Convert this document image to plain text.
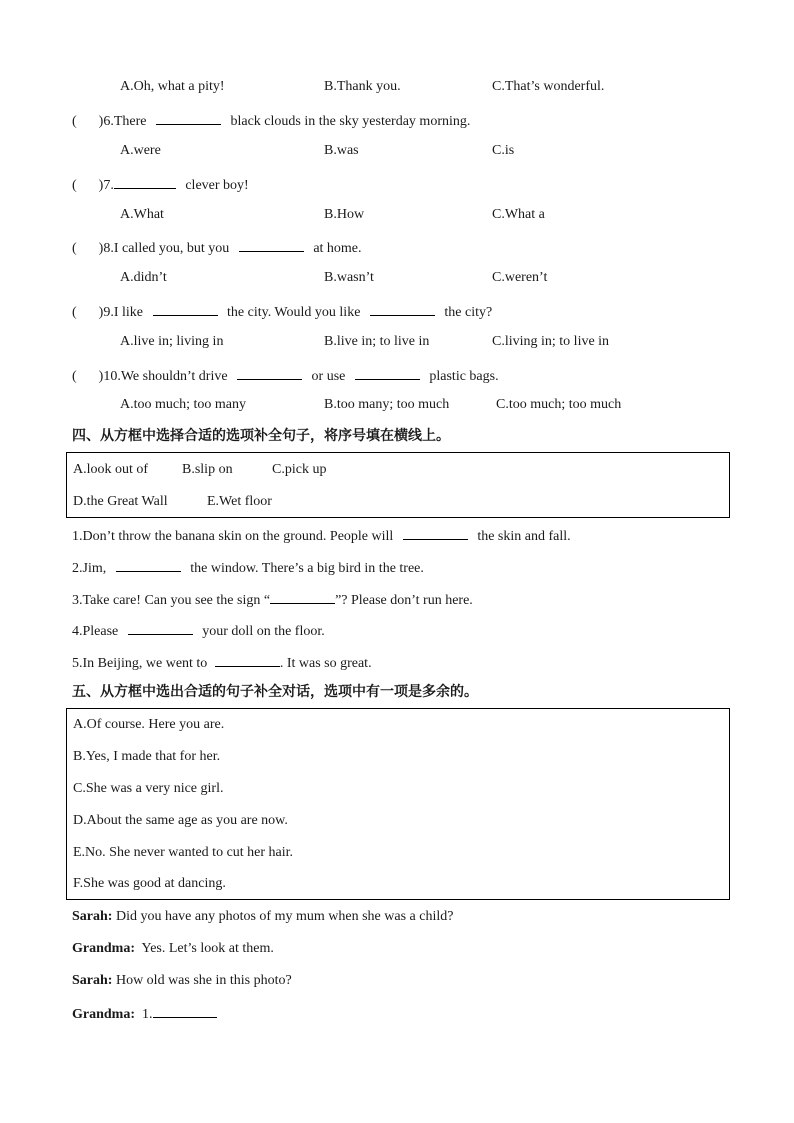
A.Oh, what a pity!	B.Thank you.	C.That’s wonderful.
( )6.There	black clouds in the sky yesterday morning.
A.were	B.was	C.is
( )7.	clever boy!
A.What	B.How	C.What a
( )8.I called you, but you	at home.
A.didn’t	B.wasn’t	C.weren’t
( )9.I like	the city. Would you like	the city?
A.live in; living in	B.live in; to live in	C.living in; to live in
( )10.We shouldn’t drive	or use	plastic bags.
A.too much; too many	B.too many; too much	C.too much; too much
四、从方框中选择合适的选项补全句子，将序号填在横线上。
A.look out of B.slip on	C.pick up
D.the Great Wall	E.Wet floor
1.Don’t throw the banana skin on the ground. People will	the skin and fall.
2.Jim,	the window. There’s a big bird in the tree.
3.Take care! Can you see the sign “	”? Please don’t run here.
4.Please	your doll on the floor.
5.In Beijing, we went to	. It was so great.
五、从方框中选出合适的句子补全对话，选项中有一项是多余的。
A.Of course. Here you are.
B.Yes, I made that for her.
C.She was a very nice girl.
D.About the same age as you are now.
E.No. She never wanted to cut her hair.
F.She was good at dancing.
Sarah: Did you have any photos of my mum when she was a child?
Grandma: Yes. Let’s look at them.
Sarah: How old was she in this photo?
Grandma: 1.
